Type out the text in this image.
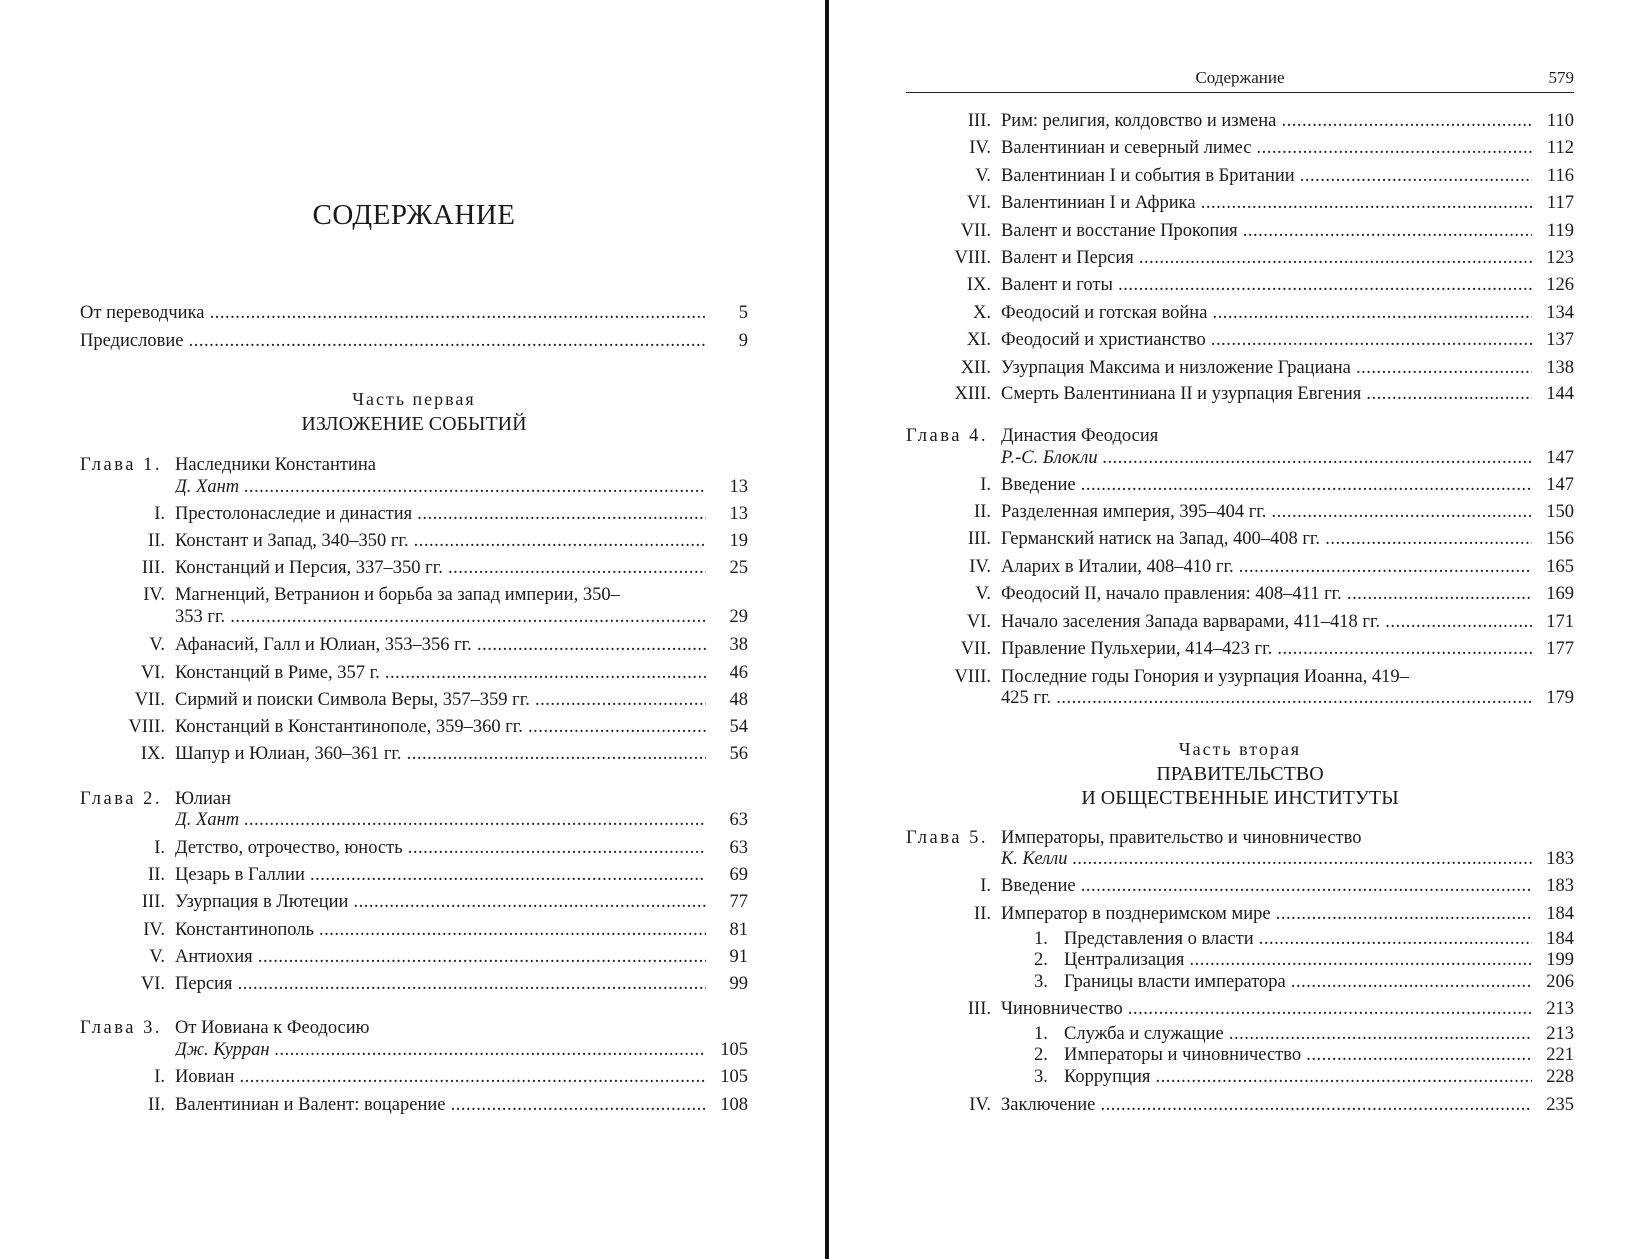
СОДЕРЖАНИЕ
От переводчика .....	5
Предисловие .....	9
Часть первая
ИЗЛОЖЕНИЕ СОБЫТИЙ
Глава 1. Наследники Константина
Д. Хант .....	13
I. Престолонаследие и династия .....	13
II. Констант и Запад, 340–350 гг. .....	19
III. Констанций и Персия, 337–350 гг. .....	25
IV. Магненций, Ветранион и борьба за запад империи, 350–
353 гг. .....	29
V. Афанасий, Галл и Юлиан, 353–356 гг. .....	38
VI. Констанций в Риме, 357 г. .....	46
VII. Сирмий и поиски Символа Веры, 357–359 гг. .....	48
VIII. Констанций в Константинополе, 359–360 гг. .....	54
IX. Шапур и Юлиан, 360–361 гг. .....	56
Глава 2. Юлиан
Д. Хант .....	63
I. Детство, отрочество, юность .....	63
II. Цезарь в Галлии .....	69
III. Узурпация в Лютеции .....	77
IV. Константинополь .....	81
V. Антиохия .....	91
VI. Персия .....	99
Глава 3. От Иовиана к Феодосию
Дж. Курран .....	105
I. Иовиан .....	105
II. Валентиниан и Валент: воцарение .....	108
Содержание	579
III. Рим: религия, колдовство и измена .....	110
IV. Валентиниан и северный лимес .....	112
V. Валентиниан I и события в Британии .....	116
VI. Валентиниан I и Африка .....	117
VII. Валент и восстание Прокопия .....	119
VIII. Валент и Персия .....	123
IX. Валент и готы .....	126
X. Феодосий и готская война .....	134
XI. Феодосий и христианство .....	137
XII. Узурпация Максима и низложение Грациана .....	138
XIII. Смерть Валентиниана II и узурпация Евгения .....	144
Глава 4. Династия Феодосия
Р.-С. Блокли .....	147
I. Введение .....	147
II. Разделенная империя, 395–404 гг. .....	150
III. Германский натиск на Запад, 400–408 гг. .....	156
IV. Аларих в Италии, 408–410 гг. .....	165
V. Феодосий II, начало правления: 408–411 гг. .....	169
VI. Начало заселения Запада варварами, 411–418 гг. .....	171
VII. Правление Пульхерии, 414–423 гг. .....	177
VIII. Последние годы Гонория и узурпация Иоанна, 419–
425 гг. .....	179
Часть вторая
ПРАВИТЕЛЬСТВО
И ОБЩЕСТВЕННЫЕ ИНСТИТУТЫ
Глава 5. Императоры, правительство и чиновничество
К. Келли .....	183
I. Введение .....	183
II. Император в позднеримском мире .....	184
1. Представления о власти .....	184
2. Централизация .....	199
3. Границы власти императора .....	206
III. Чиновничество .....	213
1. Служба и служащие .....	213
2. Императоры и чиновничество .....	221
3. Коррупция .....	228
IV. Заключение .....	235
